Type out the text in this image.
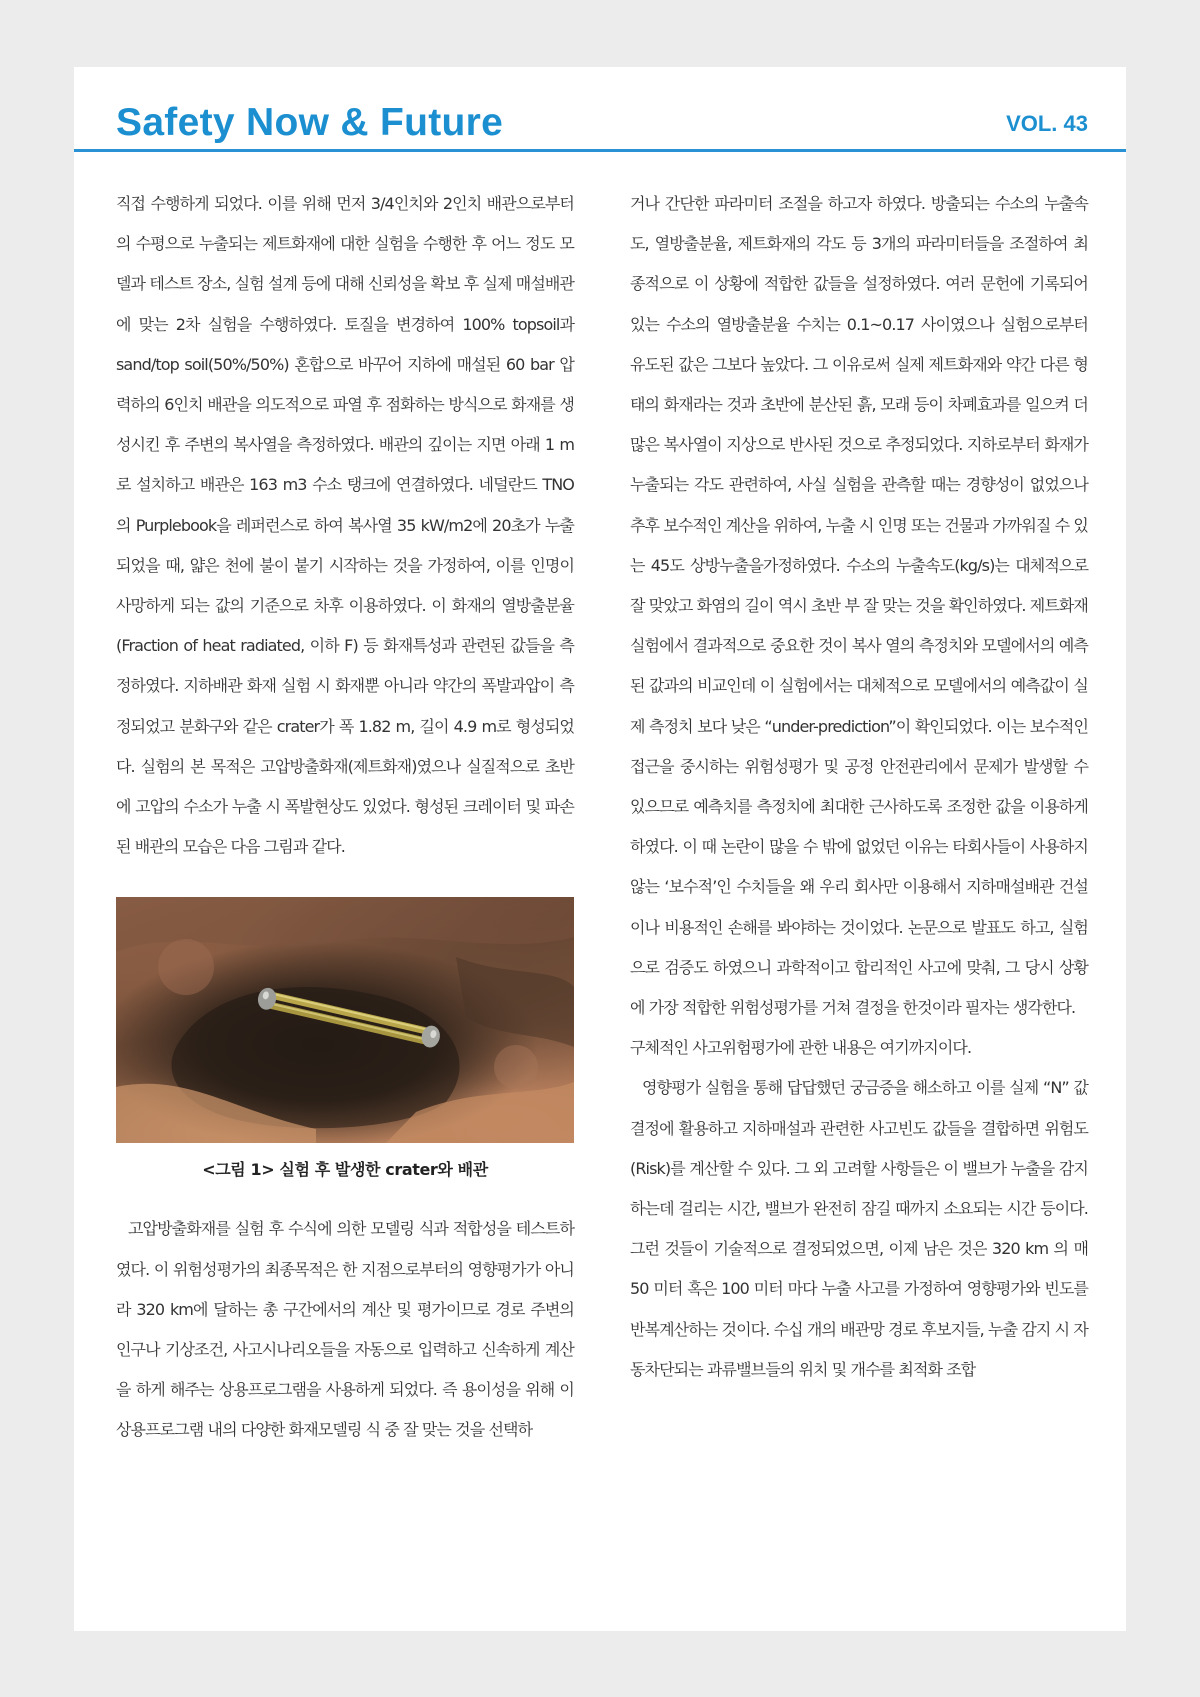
Safety Now & Future	VOL. 43

직접 수행하게 되었다. 이를 위해 먼저 3/4인치와 2인치 배관으로부터의 수평으로 누출되는 제트화재에 대한 실험을 수행한 후 어느 정도 모델과 테스트 장소, 실험 설계 등에 대해 신뢰성을 확보 후 실제 매설배관에 맞는 2차 실험을 수행하였다. 토질을 변경하여 100% topsoil과 sand/top soil(50%/50%) 혼합으로 바꾸어 지하에 매설된 60 bar 압력하의 6인치 배관을 의도적으로 파열 후 점화하는 방식으로 화재를 생성시킨 후 주변의 복사열을 측정하였다. 배관의 깊이는 지면 아래 1 m 로 설치하고 배관은 163 m3 수소 탱크에 연결하였다. 네덜란드 TNO의 Purplebook을 레퍼런스로 하여 복사열 35 kW/m2에 20초가 누출되었을 때, 얇은 천에 불이 붙기 시작하는 것을 가정하여, 이를 인명이 사망하게 되는 값의 기준으로 차후 이용하였다. 이 화재의 열방출분율 (Fraction of heat radiated, 이하 F) 등 화재특성과 관련된 값들을 측정하였다. 지하배관 화재 실험 시 화재뿐 아니라 약간의 폭발과압이 측정되었고 분화구와 같은 crater가 폭 1.82 m, 길이 4.9 m로 형성되었다. 실험의 본 목적은 고압방출화재(제트화재)였으나 실질적으로 초반에 고압의 수소가 누출 시 폭발현상도 있었다. 형성된 크레이터 및 파손된 배관의 모습은 다음 그림과 같다.

<그림 1> 실험 후 발생한 crater와 배관

고압방출화재를 실험 후 수식에 의한 모델링 식과 적합성을 테스트하였다. 이 위험성평가의 최종목적은 한 지점으로부터의 영향평가가 아니라 320 km에 달하는 총 구간에서의 계산 및 평가이므로 경로 주변의 인구나 기상조건, 사고시나리오들을 자동으로 입력하고 신속하게 계산을 하게 해주는 상용프로그램을 사용하게 되었다. 즉 용이성을 위해 이 상용프로그램 내의 다양한 화재모델링 식 중 잘 맞는 것을 선택하

거나 간단한 파라미터 조절을 하고자 하였다. 방출되는 수소의 누출속도, 열방출분율, 제트화재의 각도 등 3개의 파라미터들을 조절하여 최종적으로 이 상황에 적합한 값들을 설정하였다. 여러 문헌에 기록되어 있는 수소의 열방출분율 수치는 0.1~0.17 사이였으나 실험으로부터 유도된 값은 그보다 높았다. 그 이유로써 실제 제트화재와 약간 다른 형태의 화재라는 것과 초반에 분산된 흙, 모래 등이 차폐효과를 일으켜 더 많은 복사열이 지상으로 반사된 것으로 추정되었다. 지하로부터 화재가 누출되는 각도 관련하여, 사실 실험을 관측할 때는 경향성이 없었으나 추후 보수적인 계산을 위하여, 누출 시 인명 또는 건물과 가까워질 수 있는 45도 상방누출을가정하였다. 수소의 누출속도(kg/s)는 대체적으로 잘 맞았고 화염의 길이 역시 초반 부 잘 맞는 것을 확인하였다. 제트화재 실험에서 결과적으로 중요한 것이 복사 열의 측정치와 모델에서의 예측된 값과의 비교인데 이 실험에서는 대체적으로 모델에서의 예측값이 실제 측정치 보다 낮은 “under-prediction”이 확인되었다. 이는 보수적인 접근을 중시하는 위험성평가 및 공정 안전관리에서 문제가 발생할 수 있으므로 예측치를 측정치에 최대한 근사하도록 조정한 값을 이용하게 하였다. 이 때 논란이 많을 수 밖에 없었던 이유는 타회사들이 사용하지 않는 ‘보수적’인 수치들을 왜 우리 회사만 이용해서 지하매설배관 건설이나 비용적인 손해를 봐야하는 것이었다. 논문으로 발표도 하고, 실험으로 검증도 하였으니 과학적이고 합리적인 사고에 맞춰, 그 당시 상황에 가장 적합한 위험성평가를 거쳐 결정을 한것이라 필자는 생각한다.

구체적인 사고위험평가에 관한 내용은 여기까지이다.

영향평가 실험을 통해 답답했던 궁금증을 해소하고 이를 실제 “N” 값 결정에 활용하고 지하매설과 관련한 사고빈도 값들을 결합하면 위험도(Risk)를 계산할 수 있다. 그 외 고려할 사항들은 이 밸브가 누출을 감지하는데 걸리는 시간, 밸브가 완전히 잠길 때까지 소요되는 시간 등이다. 그런 것들이 기술적으로 결정되었으면, 이제 남은 것은 320 km 의 매 50 미터 혹은 100 미터 마다 누출 사고를 가정하여 영향평가와 빈도를 반복계산하는 것이다. 수십 개의 배관망 경로 후보지들, 누출 감지 시 자동차단되는 과류밸브들의 위치 및 개수를 최적화 조합
